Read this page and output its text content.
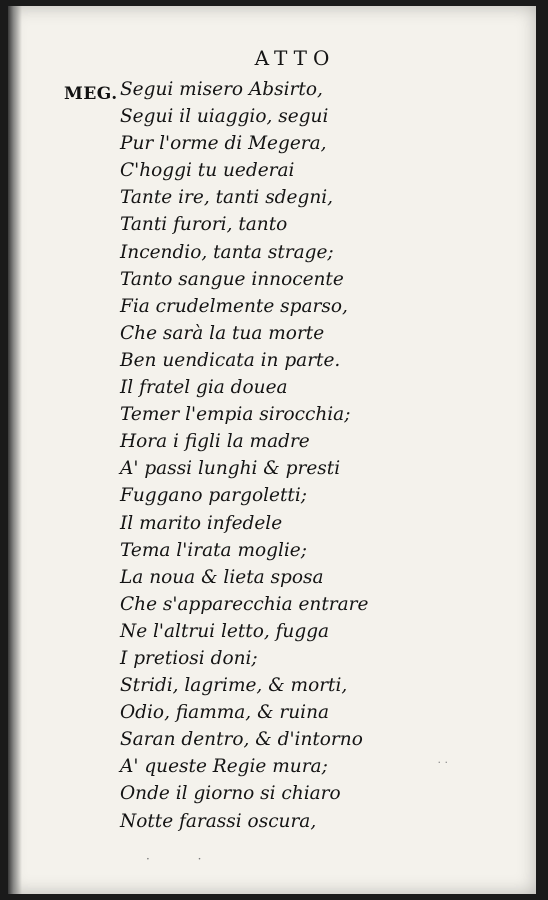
ATTO
MEG. Segui misero Absirto,
Segui il uiaggio, segui
Pur l'orme di Megera,
C'hoggi tu uederai
Tante ire, tanti sdegni,
Tanti furori, tanto
Incendio, tanta strage;
Tanto sangue innocente
Fia crudelmente sparso,
Che sarà la tua morte
Ben uendicata in parte.
Il fratel gia douea
Temer l'empia sirocchia;
Hora i figli la madre
A' passi lunghi & presti
Fuggano pargoletti;
Il marito infedele
Tema l'irata moglie;
La noua & lieta sposa
Che s'apparecchia entrare
Ne l'altrui letto, fugga
I pretiosi doni;
Stridi, lagrime, & morti,
Odio, fiamma, & ruina
Saran dentro, & d'intorno
A' queste Regie mura;
Onde il giorno si chiaro
Notte farassi oscura,
· ·
· ·
